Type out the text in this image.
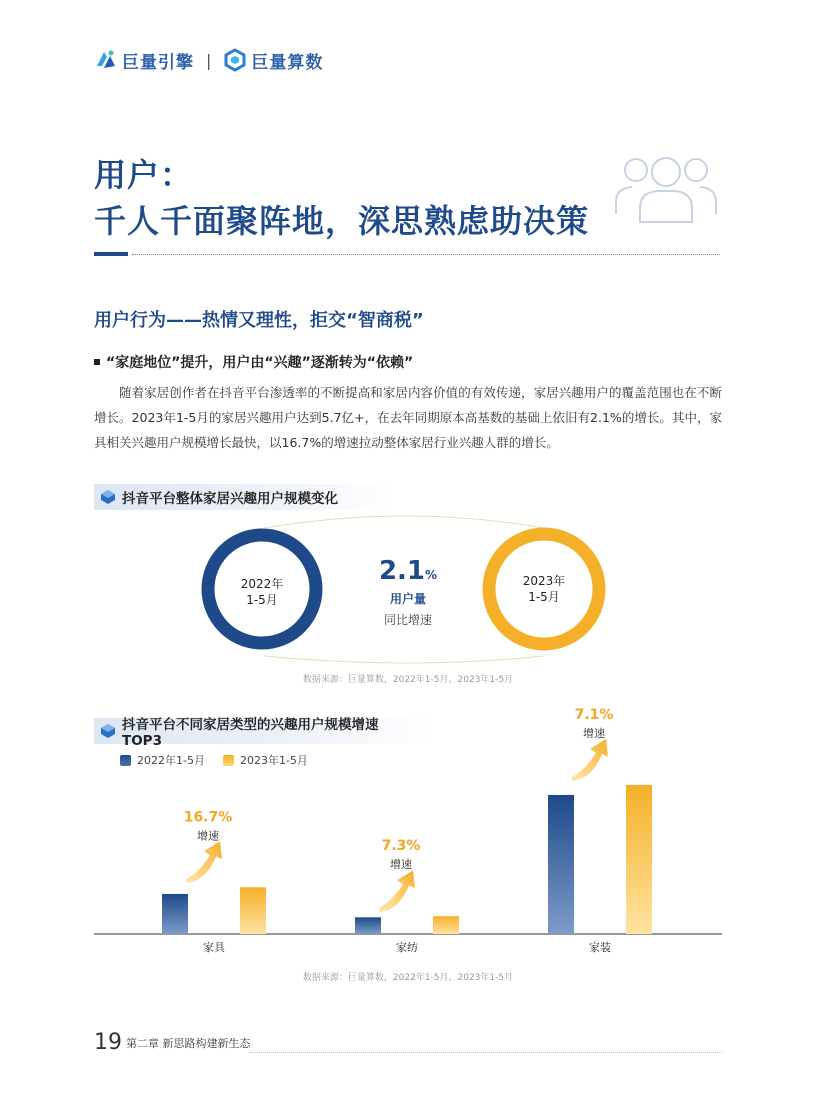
巨量引擎 | 巨量算数
用户：
千人千面聚阵地，深思熟虑助决策
用户行为——热情又理性，拒交“智商税”
“家庭地位”提升，用户由“兴趣”逐渐转为“依赖”

随着家居创作者在抖音平台渗透率的不断提高和家居内容价值的有效传递，家居兴趣用户的覆盖范围也在不断增长。2023年1-5月的家居兴趣用户达到5.7亿+，在去年同期原本高基数的基础上依旧有2.1%的增长。其中，家具相关兴趣用户规模增长最快，以16.7%的增速拉动整体家居行业兴趣人群的增长。

抖音平台整体家居兴趣用户规模变化
2022年
1-5月
2023年
1-5月
2.1%
用户量
同比增速
数据来源：巨量算数，2022年1-5月、2023年1-5月
抖音平台不同家居类型的兴趣用户规模增速TOP3
2022年1-5月	2023年1-5月
家具
16.7%
增速
家纺
7.3%
增速
家装
7.1%
增速
数据来源：巨量算数，2022年1-5月、2023年1-5月
19 第二章 新思路构建新生态
